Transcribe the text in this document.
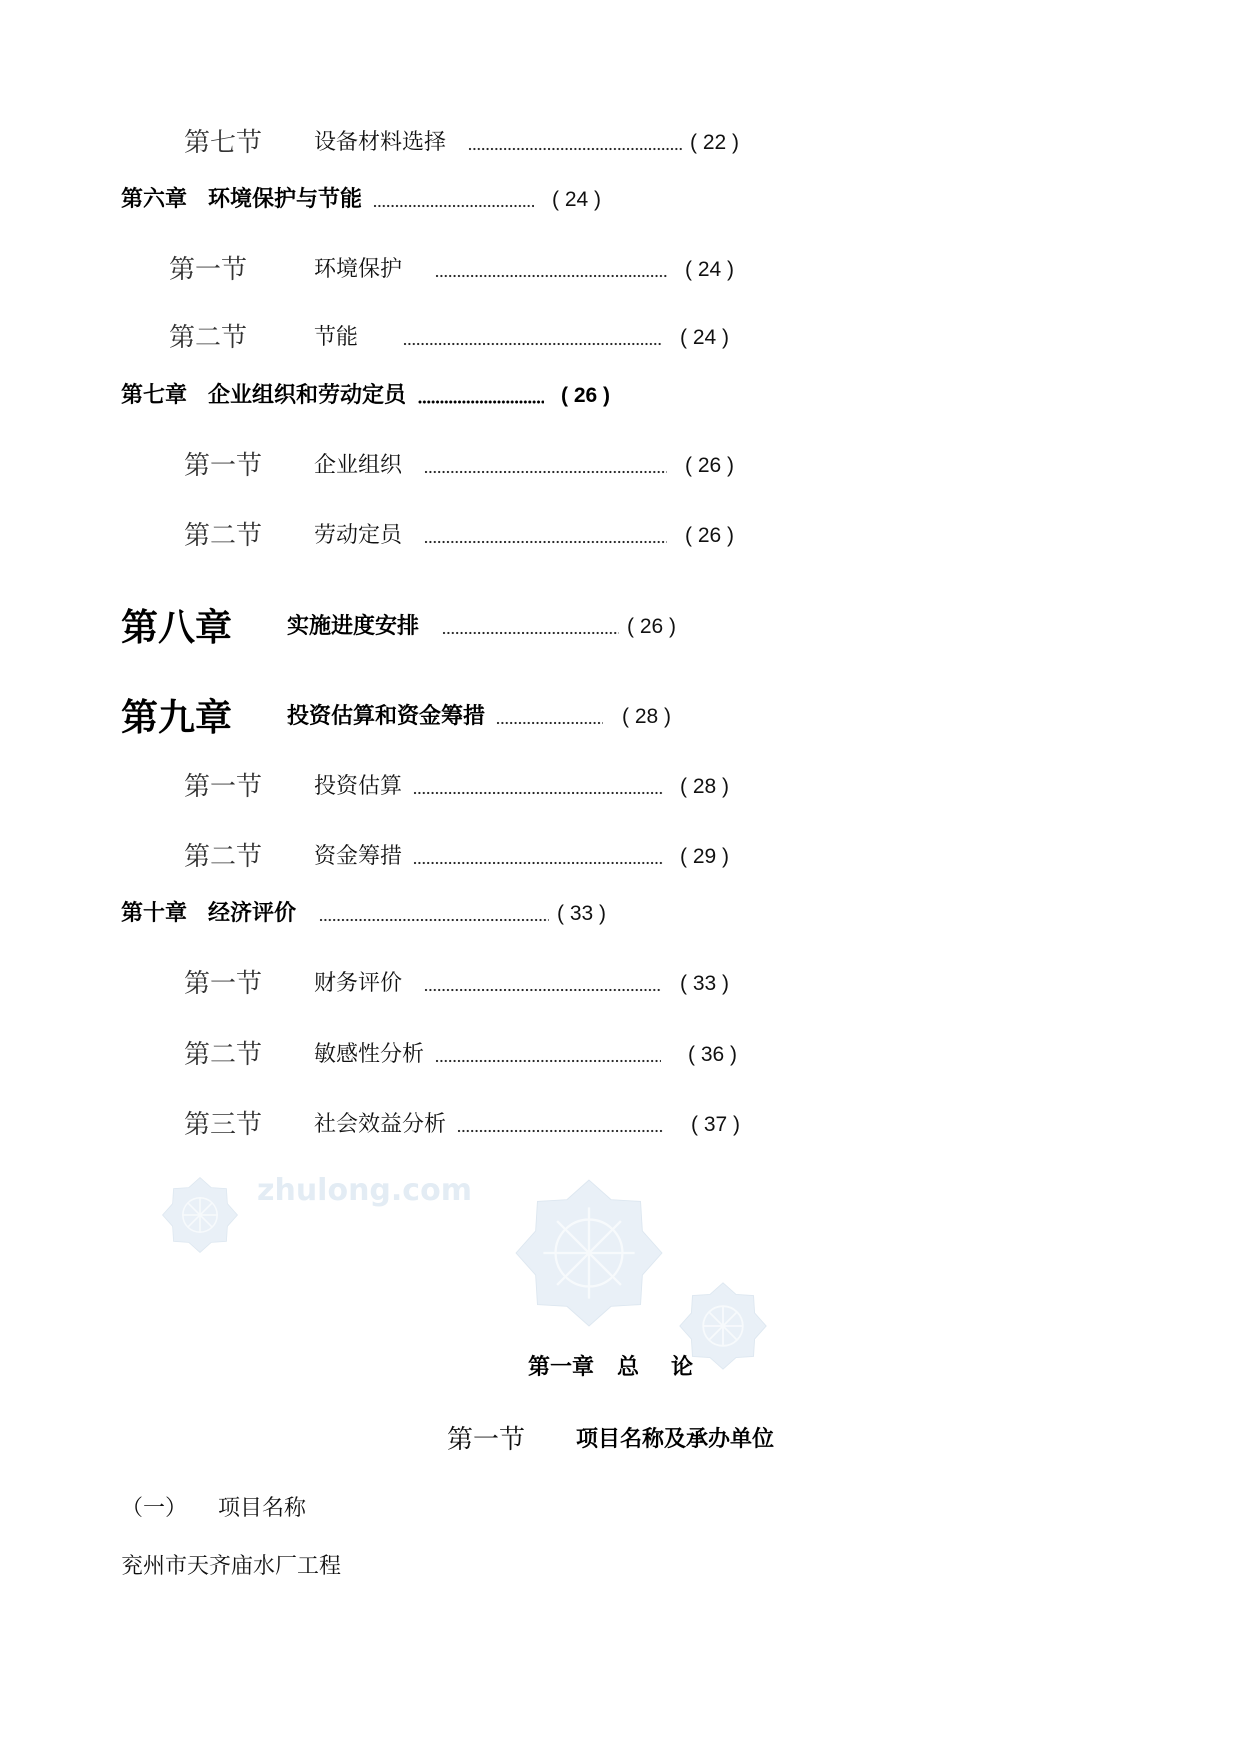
zhulong.com
第七节 设备材料选择	( 22 )
第六章 环境保护与节能	( 24 )
第一节	环境保护	( 24 )
第二节	节能	( 24 )
第七章 企业组织和劳动定员	( 26 )
第一节 企业组织	( 26 )
第二节 劳动定员	( 26 )
第八章	实施进度安排	( 26 )
第九章	投资估算和资金筹措	( 28 )
第一节 投资估算	( 28 )
第二节 资金筹措	( 29 )
第十章 经济评价	( 33 )
第一节 财务评价	( 33 )
第二节 敏感性分析	( 36 )
第三节 社会效益分析	( 37 )
第一章 总论
第一节 项目名称及承办单位
（一） 项目名称
兖州市天齐庙水厂工程
